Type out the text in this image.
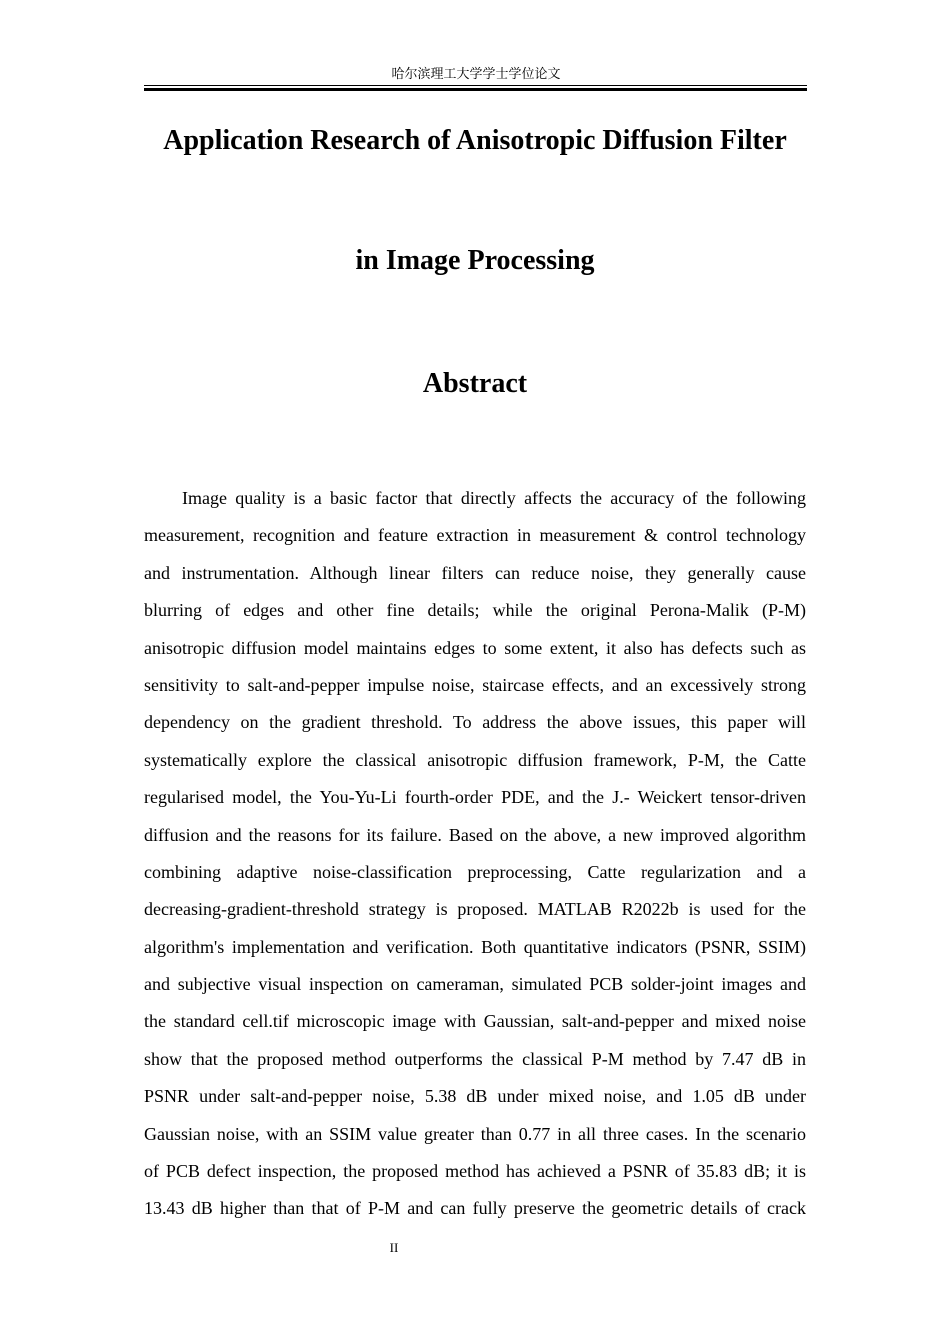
哈尔滨理工大学学士学位论文
Application Research of Anisotropic Diffusion Filter
in Image Processing
Abstract
Image quality is a basic factor that directly affects the accuracy of the following
measurement, recognition and feature extraction in measurement & control technology
and instrumentation. Although linear filters can reduce noise, they generally cause
blurring of edges and other fine details; while the original Perona-Malik (P-M)
anisotropic diffusion model maintains edges to some extent, it also has defects such as
sensitivity to salt-and-pepper impulse noise, staircase effects, and an excessively strong
dependency on the gradient threshold. To address the above issues, this paper will
systematically explore the classical anisotropic diffusion framework, P-M, the Catte
regularised model, the You-Yu-Li fourth-order PDE, and the J.- Weickert tensor-driven
diffusion and the reasons for its failure. Based on the above, a new improved algorithm
combining adaptive noise-classification preprocessing, Catte regularization and a
decreasing-gradient-threshold strategy is proposed. MATLAB R2022b is used for the
algorithm's implementation and verification. Both quantitative indicators (PSNR, SSIM)
and subjective visual inspection on cameraman, simulated PCB solder-joint images and
the standard cell.tif microscopic image with Gaussian, salt-and-pepper and mixed noise
show that the proposed method outperforms the classical P-M method by 7.47 dB in
PSNR under salt-and-pepper noise, 5.38 dB under mixed noise, and 1.05 dB under
Gaussian noise, with an SSIM value greater than 0.77 in all three cases. In the scenario
of PCB defect inspection, the proposed method has achieved a PSNR of 35.83 dB; it is
13.43 dB higher than that of P-M and can fully preserve the geometric details of crack
II
